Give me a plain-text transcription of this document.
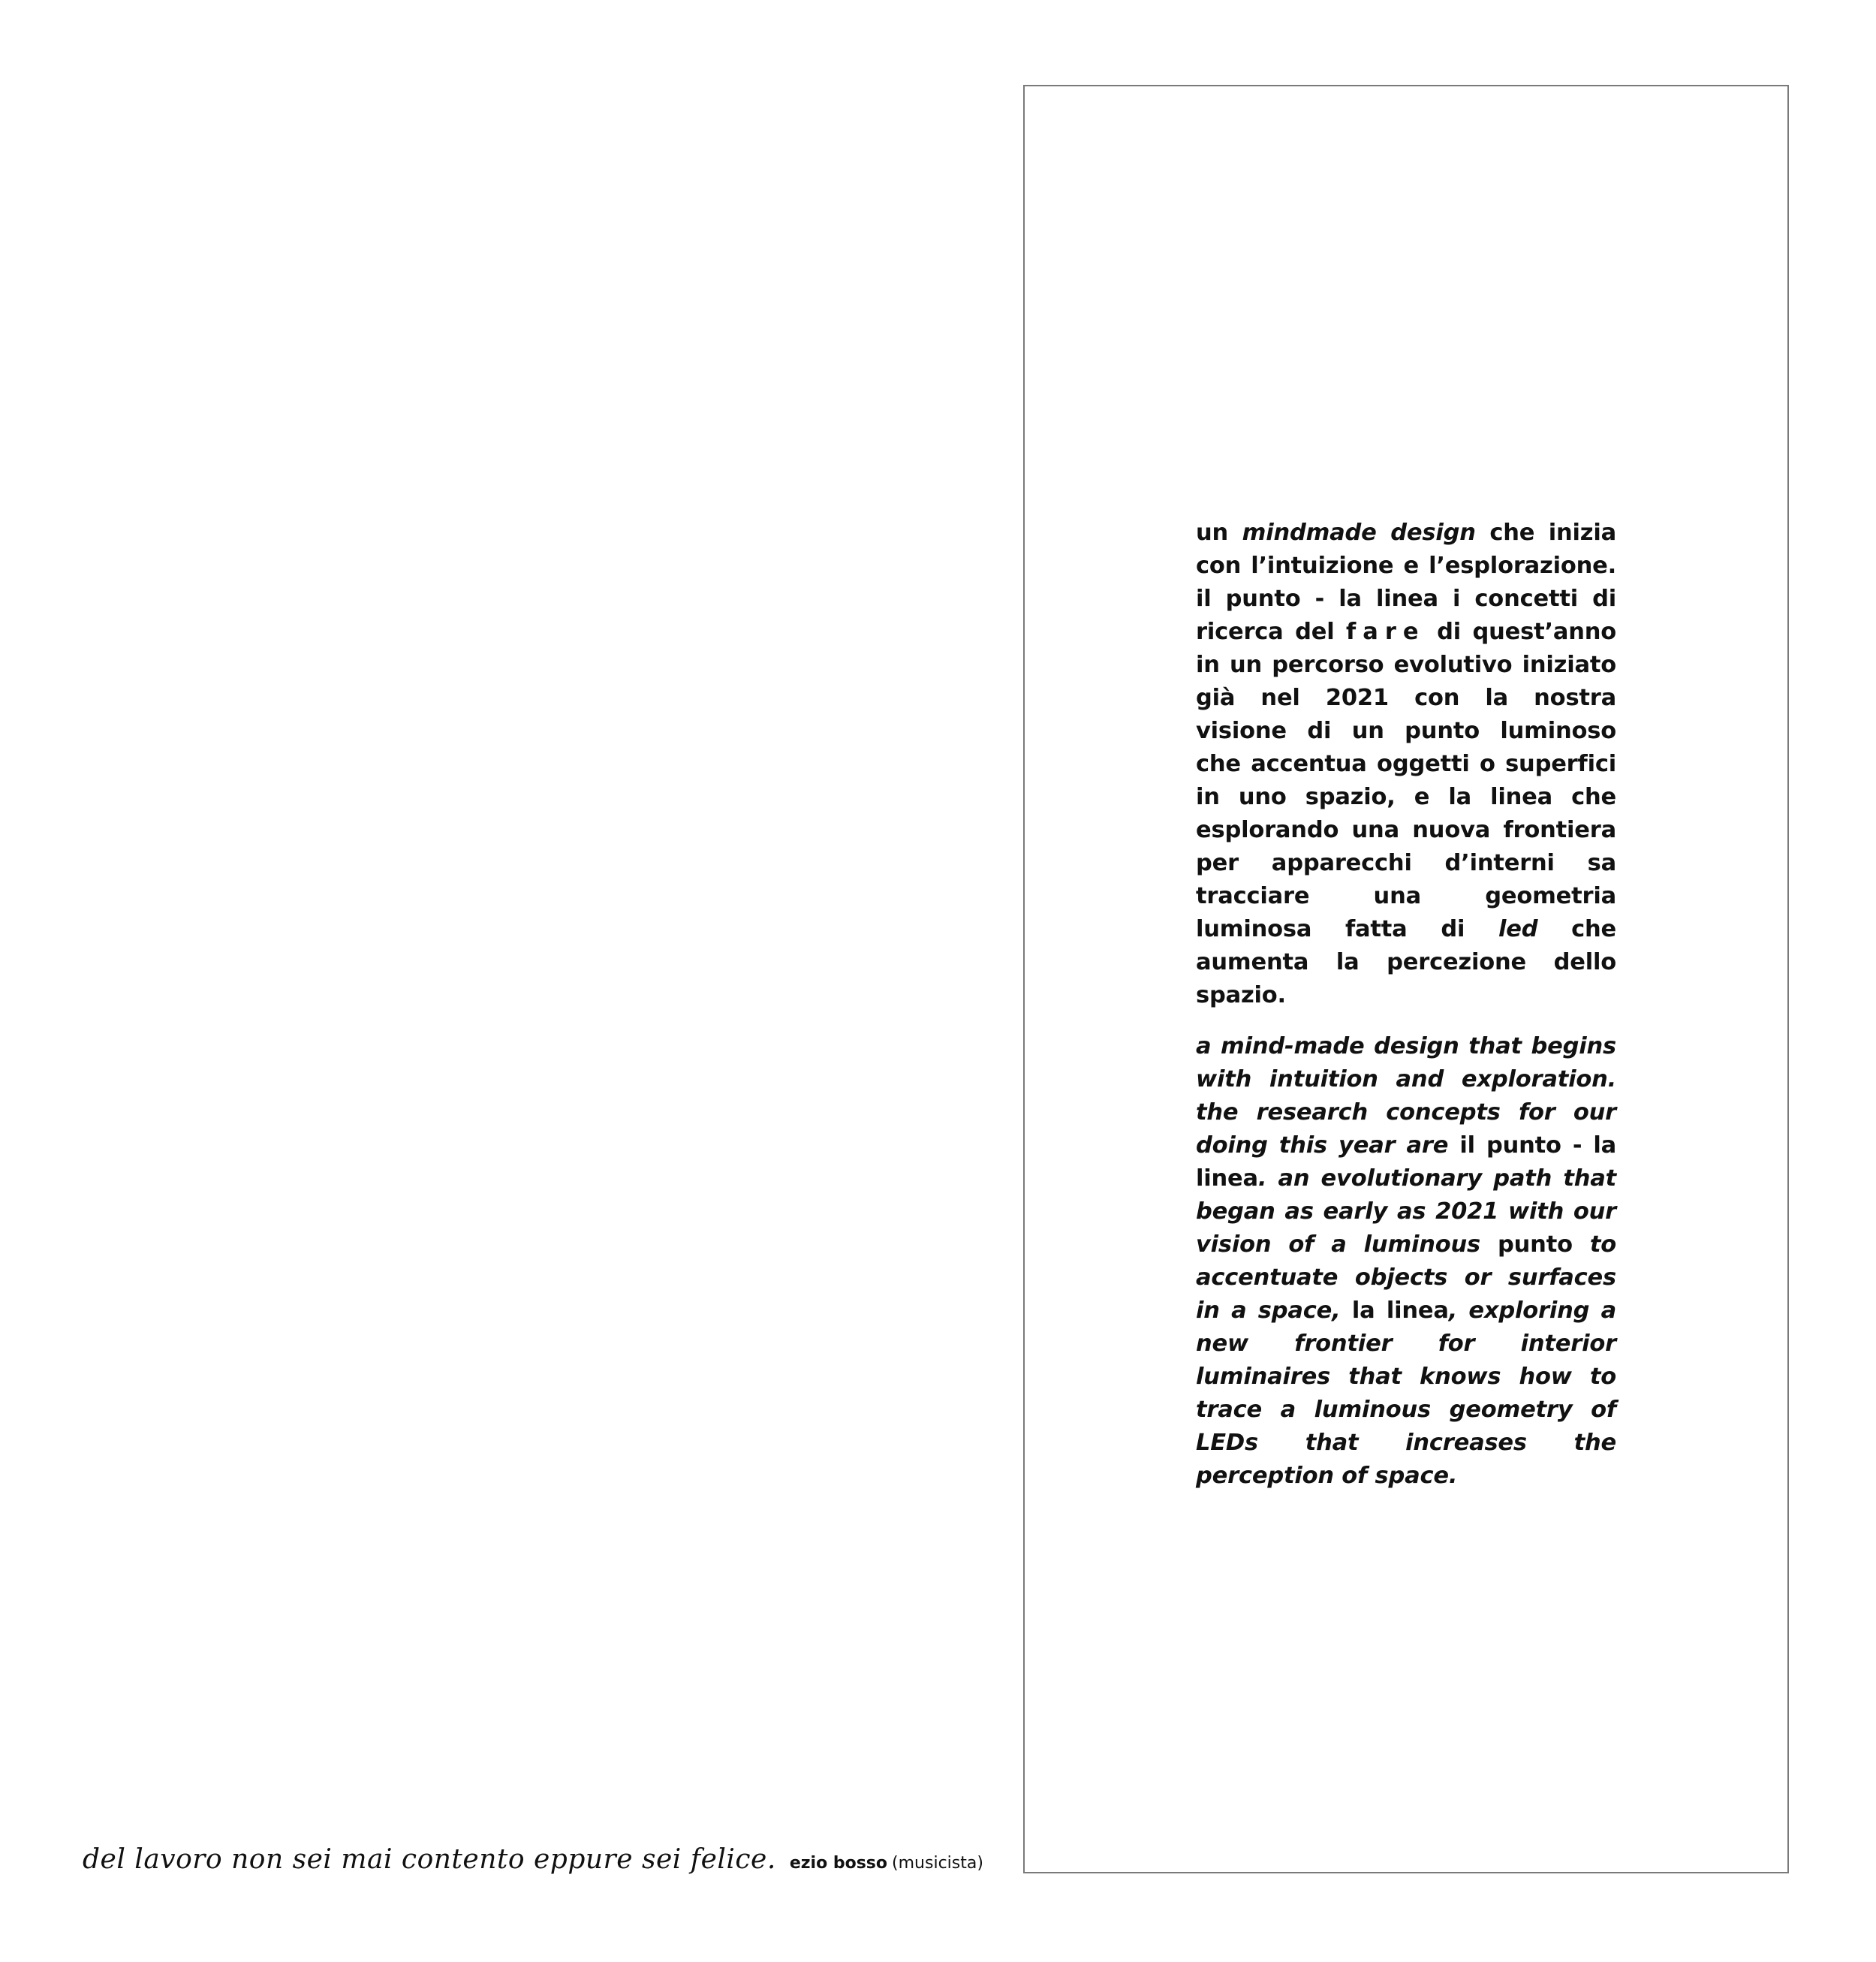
un mindmade design che inizia con l’intuizione e l’esplorazione. il punto - la linea i concetti di ricerca del fare di quest’anno in un percorso evolutivo iniziato già nel 2021 con la nostra visione di un punto luminoso che accentua oggetti o superfici in uno spazio, e la linea che esplorando una nuova frontiera per apparecchi d’interni sa tracciare una geometria luminosa fatta di led che aumenta la percezione dello spazio.
a mind-made design that begins with intuition and exploration. the research concepts for our doing this year are il punto - la linea. an evolutionary path that began as early as 2021 with our vision of a luminous punto to accentuate objects or surfaces in a space, la linea, exploring a new frontier for interior luminaires that knows how to trace a luminous geometry of LEDs that increases the perception of space.
del lavoro non sei mai contento eppure sei felice. ezio bosso (musicista)
